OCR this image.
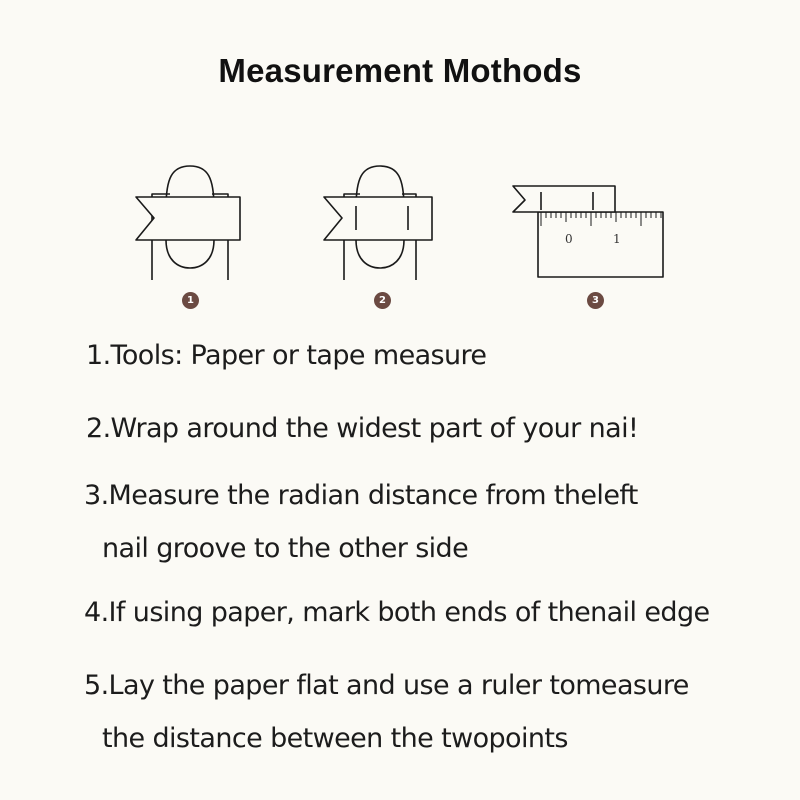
Measurement Mothods
1	2
0	1
3
1.Tools: Paper or tape measure
2.Wrap around the widest part of your nai!
3.Measure the radian distance from theleft
nail groove to the other side
4.If using paper, mark both ends of thenail edge
5.Lay the paper flat and use a ruler tomeasure
the distance between the twopoints
